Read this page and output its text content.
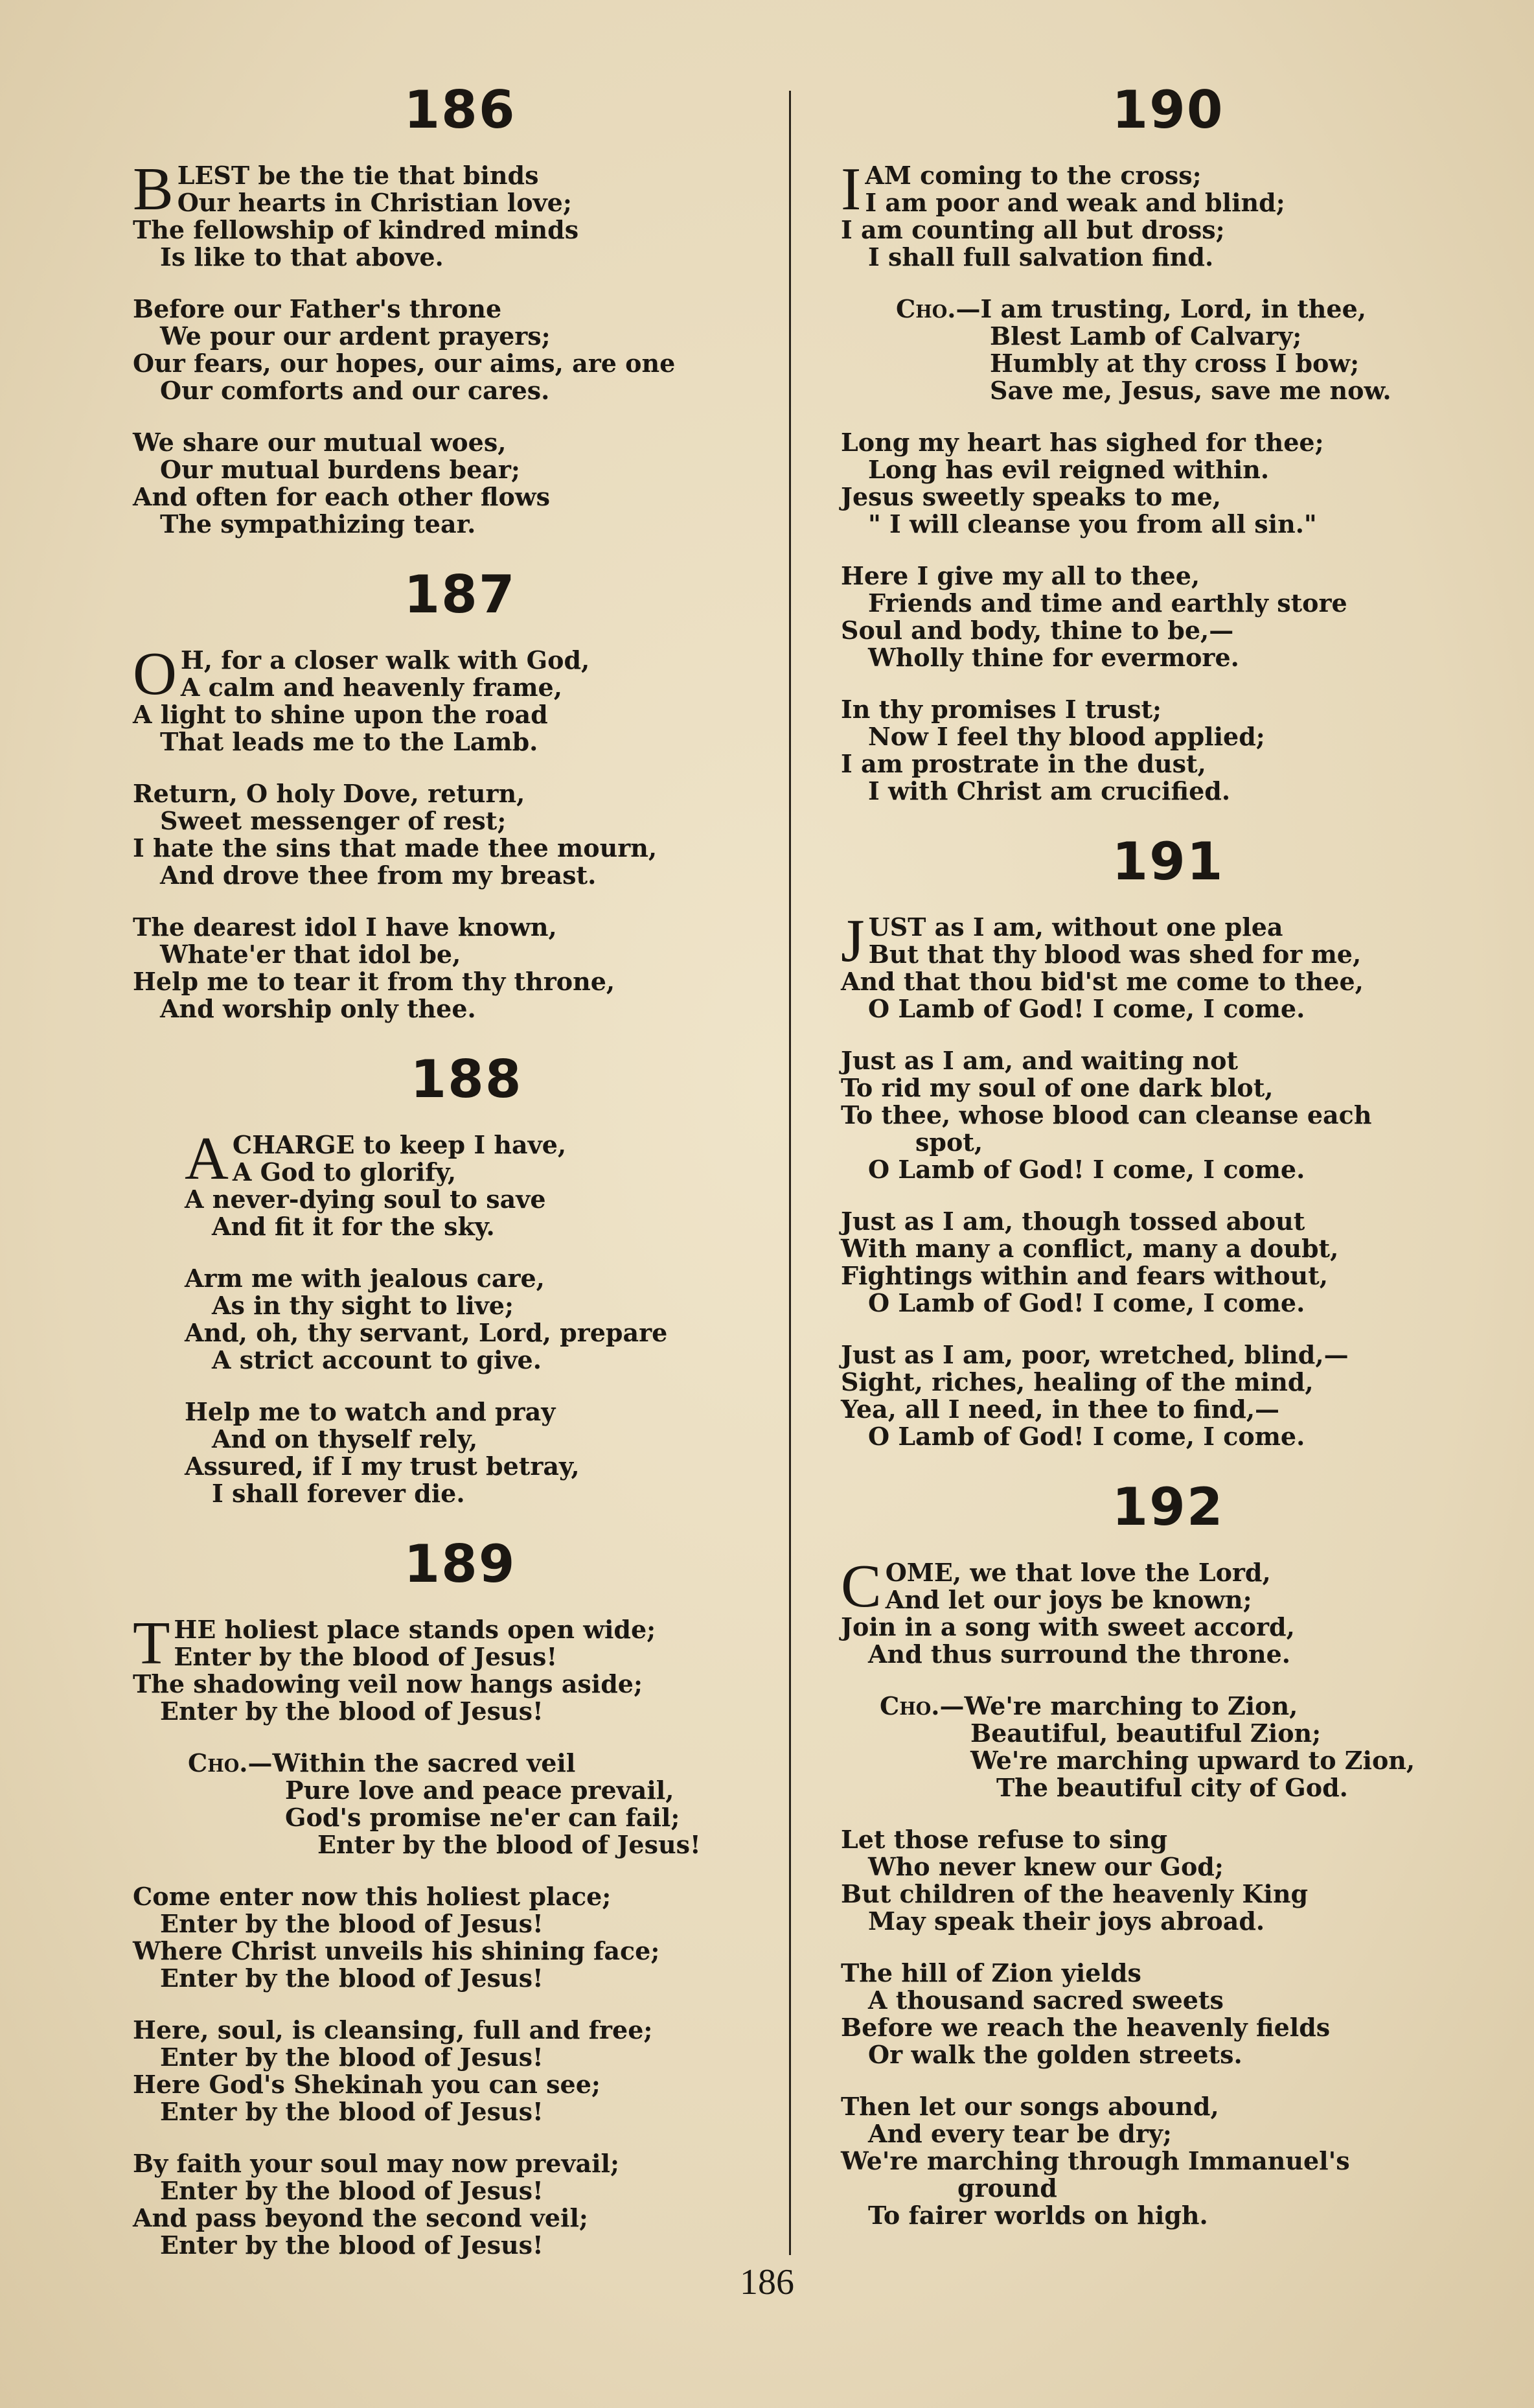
186
B LEST be the tie that binds
Our hearts in Christian love;
The fellowship of kindred minds
Is like to that above.
Before our Father's throne
We pour our ardent prayers;
Our fears, our hopes, our aims, are one
Our comforts and our cares.
We share our mutual woes,
Our mutual burdens bear;
And often for each other flows
The sympathizing tear.
187
O H, for a closer walk with God,
A calm and heavenly frame,
A light to shine upon the road
That leads me to the Lamb.
Return, O holy Dove, return,
Sweet messenger of rest;
I hate the sins that made thee mourn,
And drove thee from my breast.
The dearest idol I have known,
Whate'er that idol be,
Help me to tear it from thy throne,
And worship only thee.
188
A CHARGE to keep I have,
A God to glorify,
A never-dying soul to save
And fit it for the sky.
Arm me with jealous care,
As in thy sight to live;
And, oh, thy servant, Lord, prepare
A strict account to give.
Help me to watch and pray
And on thyself rely,
Assured, if I my trust betray,
I shall forever die.
189
T HE holiest place stands open wide;
Enter by the blood of Jesus!
The shadowing veil now hangs aside;
Enter by the blood of Jesus!
Cho.—Within the sacred veil
Pure love and peace prevail,
God's promise ne'er can fail;
Enter by the blood of Jesus!
Come enter now this holiest place;
Enter by the blood of Jesus!
Where Christ unveils his shining face;
Enter by the blood of Jesus!
Here, soul, is cleansing, full and free;
Enter by the blood of Jesus!
Here God's Shekinah you can see;
Enter by the blood of Jesus!
By faith your soul may now prevail;
Enter by the blood of Jesus!
And pass beyond the second veil;
Enter by the blood of Jesus!
190
I AM coming to the cross;
I am poor and weak and blind;
I am counting all but dross;
I shall full salvation find.
Cho.—I am trusting, Lord, in thee,
Blest Lamb of Calvary;
Humbly at thy cross I bow;
Save me, Jesus, save me now.
Long my heart has sighed for thee;
Long has evil reigned within.
Jesus sweetly speaks to me,
" I will cleanse you from all sin."
Here I give my all to thee,
Friends and time and earthly store
Soul and body, thine to be,—
Wholly thine for evermore.
In thy promises I trust;
Now I feel thy blood applied;
I am prostrate in the dust,
I with Christ am crucified.
191
J UST as I am, without one plea
But that thy blood was shed for me,
And that thou bid'st me come to thee,
O Lamb of God! I come, I come.
Just as I am, and waiting not
To rid my soul of one dark blot,
To thee, whose blood can cleanse each
spot,
O Lamb of God! I come, I come.
Just as I am, though tossed about
With many a conflict, many a doubt,
Fightings within and fears without,
O Lamb of God! I come, I come.
Just as I am, poor, wretched, blind,—
Sight, riches, healing of the mind,
Yea, all I need, in thee to find,—
O Lamb of God! I come, I come.
192
C OME, we that love the Lord,
And let our joys be known;
Join in a song with sweet accord,
And thus surround the throne.
Cho.—We're marching to Zion,
Beautiful, beautiful Zion;
We're marching upward to Zion,
The beautiful city of God.
Let those refuse to sing
Who never knew our God;
But children of the heavenly King
May speak their joys abroad.
The hill of Zion yields
A thousand sacred sweets
Before we reach the heavenly fields
Or walk the golden streets.
Then let our songs abound,
And every tear be dry;
We're marching through Immanuel's
ground
To fairer worlds on high.
186
